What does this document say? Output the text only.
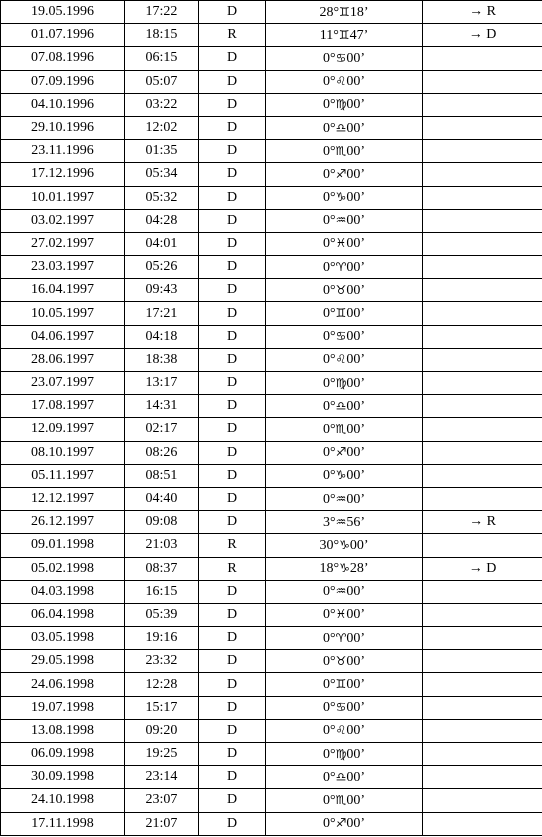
19.05.1996	17:22	D	28°♊18’	→ R
01.07.1996	18:15	R	11°♊47’	→ D
07.08.1996	06:15	D	0°♋00’	
07.09.1996	05:07	D	0°♌00’	
04.10.1996	03:22	D	0°♍00’	
29.10.1996	12:02	D	0°♎00’	
23.11.1996	01:35	D	0°♏00’	
17.12.1996	05:34	D	0°♐00’	
10.01.1997	05:32	D	0°♑00’	
03.02.1997	04:28	D	0°♒00’	
27.02.1997	04:01	D	0°♓00’	
23.03.1997	05:26	D	0°♈00’	
16.04.1997	09:43	D	0°♉00’	
10.05.1997	17:21	D	0°♊00’	
04.06.1997	04:18	D	0°♋00’	
28.06.1997	18:38	D	0°♌00’	
23.07.1997	13:17	D	0°♍00’	
17.08.1997	14:31	D	0°♎00’	
12.09.1997	02:17	D	0°♏00’	
08.10.1997	08:26	D	0°♐00’	
05.11.1997	08:51	D	0°♑00’	
12.12.1997	04:40	D	0°♒00’	
26.12.1997	09:08	D	3°♒56’	→ R
09.01.1998	21:03	R	30°♑00’	
05.02.1998	08:37	R	18°♑28’	→ D
04.03.1998	16:15	D	0°♒00’	
06.04.1998	05:39	D	0°♓00’	
03.05.1998	19:16	D	0°♈00’	
29.05.1998	23:32	D	0°♉00’	
24.06.1998	12:28	D	0°♊00’	
19.07.1998	15:17	D	0°♋00’	
13.08.1998	09:20	D	0°♌00’	
06.09.1998	19:25	D	0°♍00’	
30.09.1998	23:14	D	0°♎00’	
24.10.1998	23:07	D	0°♏00’	
17.11.1998	21:07	D	0°♐00’	
